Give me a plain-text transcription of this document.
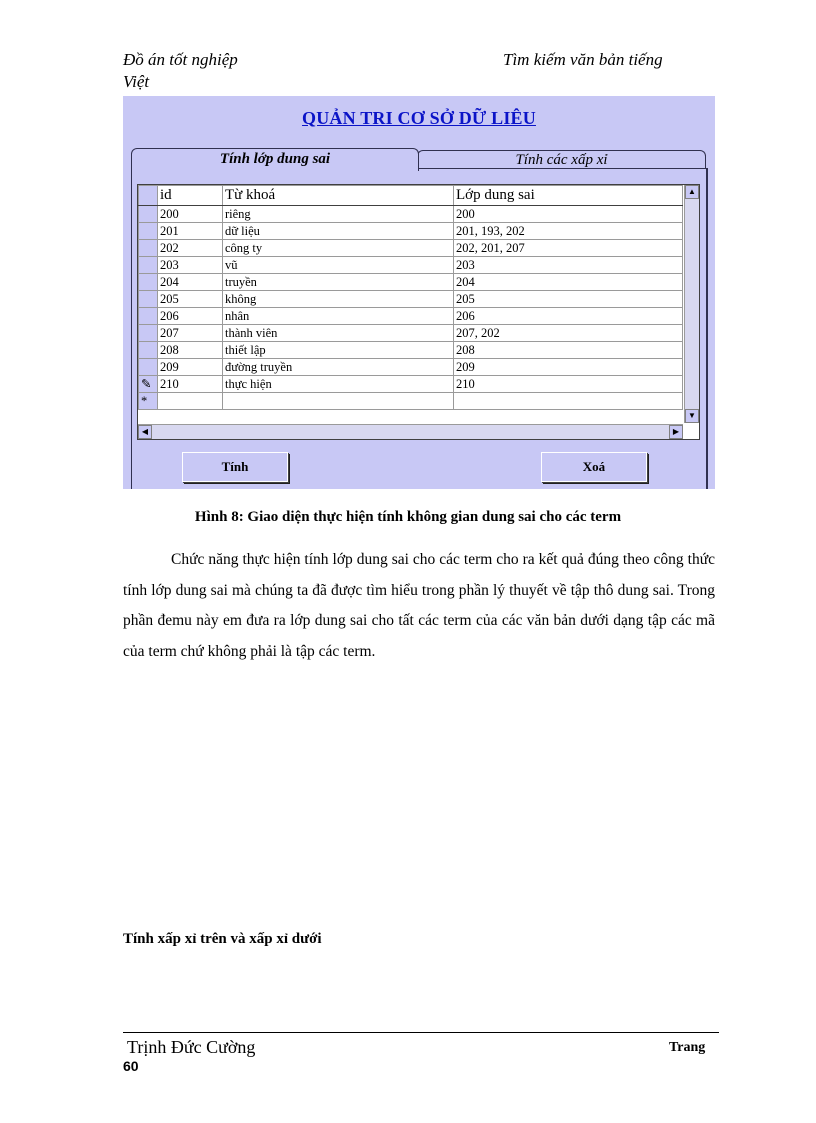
Đồ án tốt nghiệp	Tìm kiếm văn bản tiếng
Việt
QUẢN TRI CƠ SỞ DỮ LIÊU
Tính lớp dung sai	Tính các xấp xỉ
	id	Từ khoá	Lớp dung sai
	200	riêng	200
	201	dữ liệu	201, 193, 202
	202	công ty	202, 201, 207
	203	vũ	203
	204	truyền	204
	205	không	205
	206	nhân	206
	207	thành viên	207, 202
	208	thiết lập	208
	209	đường truyền	209
✎	210	thực hiện	210
*			
▲
▼
◀	▶
Tính	Xoá
Hình 8: Giao diện thực hiện tính không gian dung sai cho các term
Chức năng thực hiện tính lớp dung sai cho các term cho ra kết quả đúng theo công thức tính lớp dung sai mà chúng ta đã được tìm hiểu trong phần lý thuyết về tập thô dung sai. Trong phần đemu này em đưa ra lớp dung sai cho tất các term của các văn bản dưới dạng tập các mã của term chứ không phải là tập các term.
Tính xấp xỉ trên và xấp xỉ dưới
Trịnh Đức Cường	Trang
60
